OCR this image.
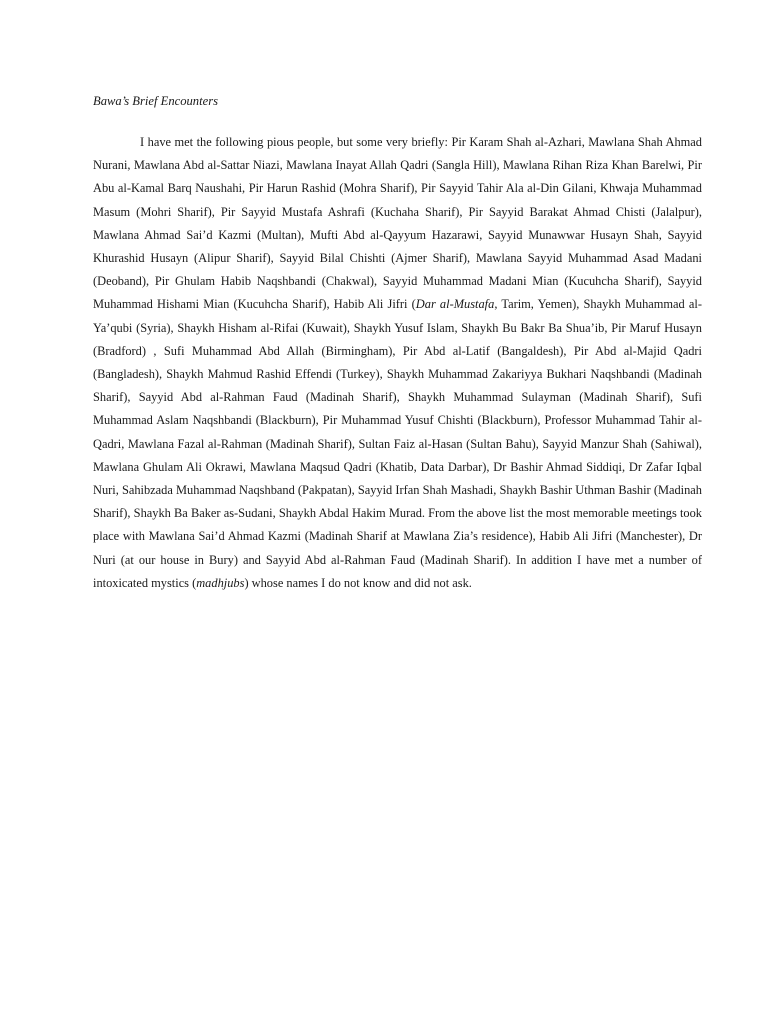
Bawa’s Brief Encounters

I have met the following pious people, but some very briefly: Pir Karam Shah al-Azhari, Mawlana Shah Ahmad Nurani, Mawlana Abd al-Sattar Niazi, Mawlana Inayat Allah Qadri (Sangla Hill), Mawlana Rihan Riza Khan Barelwi, Pir Abu al-Kamal Barq Naushahi, Pir Harun Rashid (Mohra Sharif), Pir Sayyid Tahir Ala al-Din Gilani, Khwaja Muhammad Masum (Mohri Sharif), Pir Sayyid Mustafa Ashrafi (Kuchaha Sharif), Pir Sayyid Barakat Ahmad Chisti (Jalalpur), Mawlana Ahmad Sai’d Kazmi (Multan), Mufti Abd al-Qayyum Hazarawi, Sayyid Munawwar Husayn Shah, Sayyid Khurashid Husayn (Alipur Sharif), Sayyid Bilal Chishti (Ajmer Sharif), Mawlana Sayyid Muhammad Asad Madani (Deoband), Pir Ghulam Habib Naqshbandi (Chakwal), Sayyid Muhammad Madani Mian (Kucuhcha Sharif), Sayyid Muhammad Hishami Mian (Kucuhcha Sharif), Habib Ali Jifri (Dar al-Mustafa, Tarim, Yemen), Shaykh Muhammad al-Ya’qubi (Syria), Shaykh Hisham al-Rifai (Kuwait), Shaykh Yusuf Islam, Shaykh Bu Bakr Ba Shua’ib, Pir Maruf Husayn (Bradford) , Sufi Muhammad Abd Allah (Birmingham), Pir Abd al-Latif (Bangaldesh), Pir Abd al-Majid Qadri (Bangladesh), Shaykh Mahmud Rashid Effendi (Turkey), Shaykh Muhammad Zakariyya Bukhari Naqshbandi (Madinah Sharif), Sayyid Abd al-Rahman Faud (Madinah Sharif), Shaykh Muhammad Sulayman (Madinah Sharif), Sufi Muhammad Aslam Naqshbandi (Blackburn), Pir Muhammad Yusuf Chishti (Blackburn), Professor Muhammad Tahir al-Qadri, Mawlana Fazal al-Rahman (Madinah Sharif), Sultan Faiz al-Hasan (Sultan Bahu), Sayyid Manzur Shah (Sahiwal), Mawlana Ghulam Ali Okrawi, Mawlana Maqsud Qadri (Khatib, Data Darbar), Dr Bashir Ahmad Siddiqi, Dr Zafar Iqbal Nuri, Sahibzada Muhammad Naqshband (Pakpatan), Sayyid Irfan Shah Mashadi, Shaykh Bashir Uthman Bashir (Madinah Sharif), Shaykh Ba Baker as-Sudani, Shaykh Abdal Hakim Murad. From the above list the most memorable meetings took place with Mawlana Sai’d Ahmad Kazmi (Madinah Sharif at Mawlana Zia’s residence), Habib Ali Jifri (Manchester), Dr Nuri (at our house in Bury) and Sayyid Abd al-Rahman Faud (Madinah Sharif). In addition I have met a number of intoxicated mystics (madhjubs) whose names I do not know and did not ask.
